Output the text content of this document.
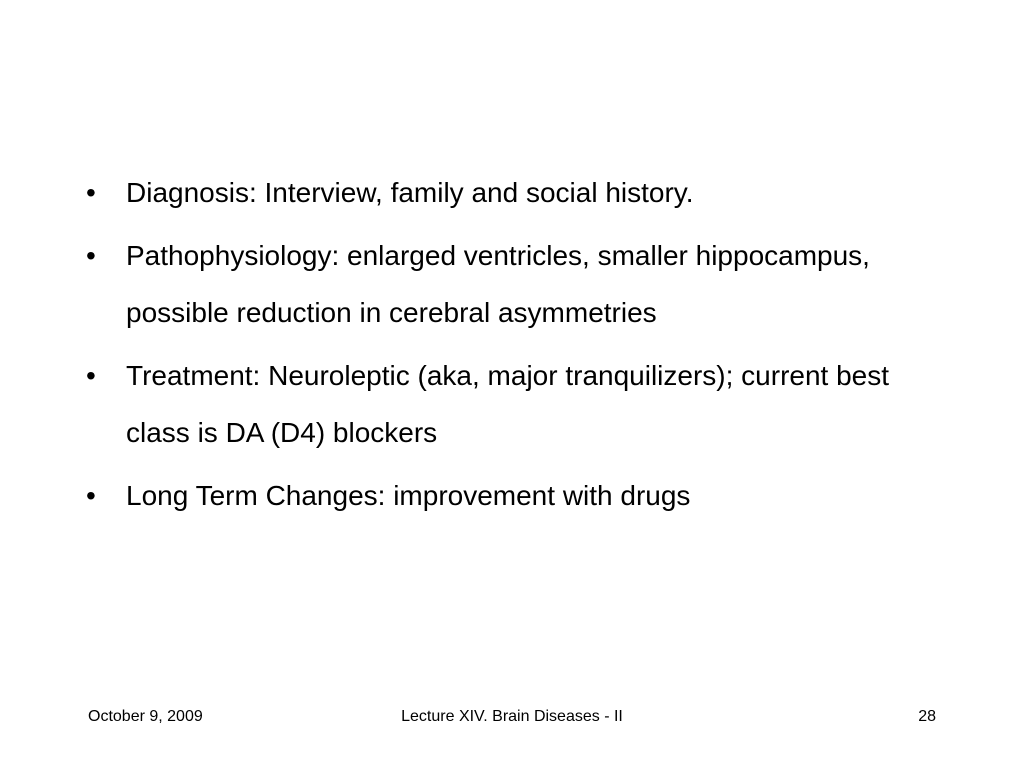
•	Diagnosis: Interview, family and social history.
•	Pathophysiology: enlarged ventricles, smaller hippocampus, possible reduction in cerebral asymmetries
•	Treatment: Neuroleptic (aka, major tranquilizers); current best class is DA (D4) blockers
•	Long Term Changes: improvement with drugs
October 9, 2009	Lecture XIV. Brain Diseases - II	28
